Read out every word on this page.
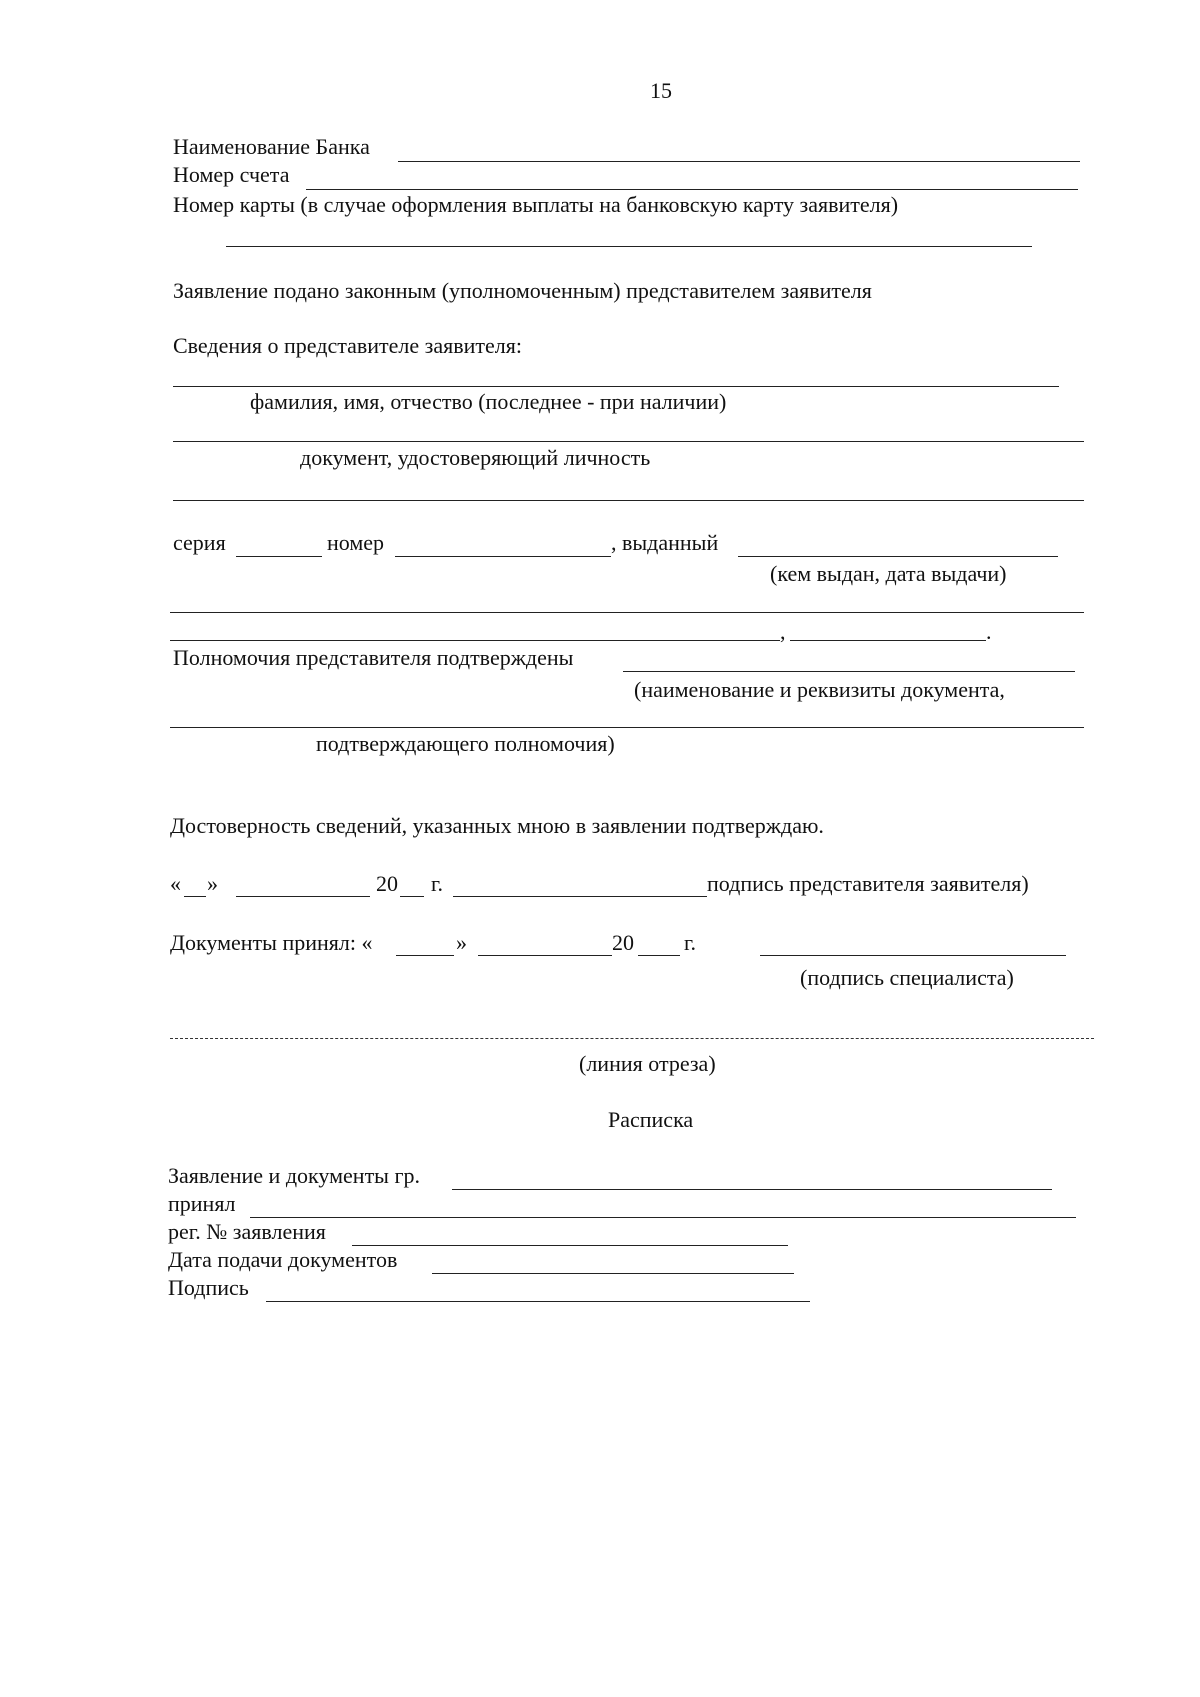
15
Наименование Банка
Номер счета
Номер карты (в случае оформления выплаты на банковскую карту заявителя)
Заявление подано законным (уполномоченным) представителем заявителя
Сведения о представителе заявителя:
фамилия, имя, отчество (последнее - при наличии)
документ, удостоверяющий личность
серия	номер	, выданный
(кем выдан, дата выдачи)
,	.
Полномочия представителя подтверждены
(наименование и реквизиты документа,
подтверждающего полномочия)
Достоверность сведений, указанных мною в заявлении подтверждаю.
« »	20 г.	подпись представителя заявителя)
Документы принял: «	»	20 г.
(подпись специалиста)
(линия отреза)
Расписка
Заявление и документы гр.
принял
рег. № заявления
Дата подачи документов
Подпись
